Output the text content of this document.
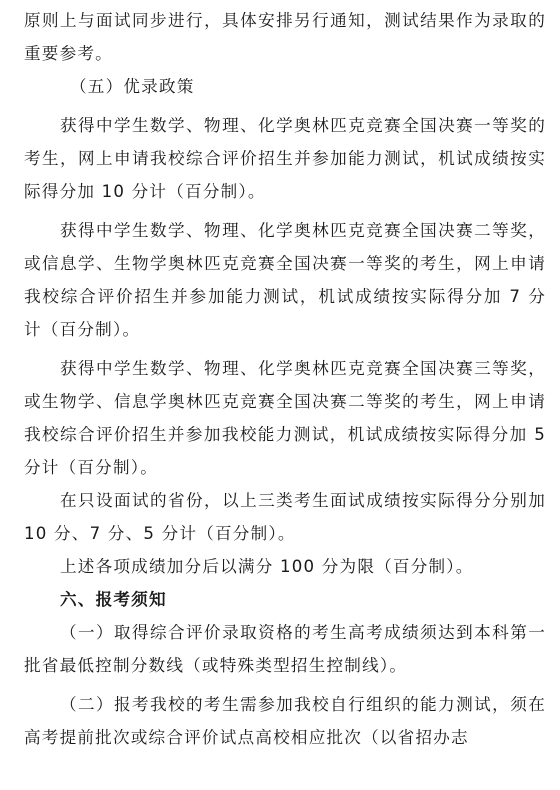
原则上与面试同步进行，具体安排另行通知，测试结果作为录取的重要参考。

（五）优录政策

获得中学生数学、物理、化学奥林匹克竞赛全国决赛一等奖的考生，网上申请我校综合评价招生并参加能力测试，机试成绩按实际得分加 10 分计（百分制）。

获得中学生数学、物理、化学奥林匹克竞赛全国决赛二等奖，或信息学、生物学奥林匹克竞赛全国决赛一等奖的考生，网上申请我校综合评价招生并参加能力测试，机试成绩按实际得分加 7 分计（百分制）。

获得中学生数学、物理、化学奥林匹克竞赛全国决赛三等奖，或生物学、信息学奥林匹克竞赛全国决赛二等奖的考生，网上申请我校综合评价招生并参加我校能力测试，机试成绩按实际得分加 5 分计（百分制）。

在只设面试的省份，以上三类考生面试成绩按实际得分分别加 10 分、7 分、5 分计（百分制）。

上述各项成绩加分后以满分 100 分为限（百分制）。

六、报考须知

（一）取得综合评价录取资格的考生高考成绩须达到本科第一批省最低控制分数线（或特殊类型招生控制线）。

（二）报考我校的考生需参加我校自行组织的能力测试，须在高考提前批次或综合评价试点高校相应批次（以省招办志
